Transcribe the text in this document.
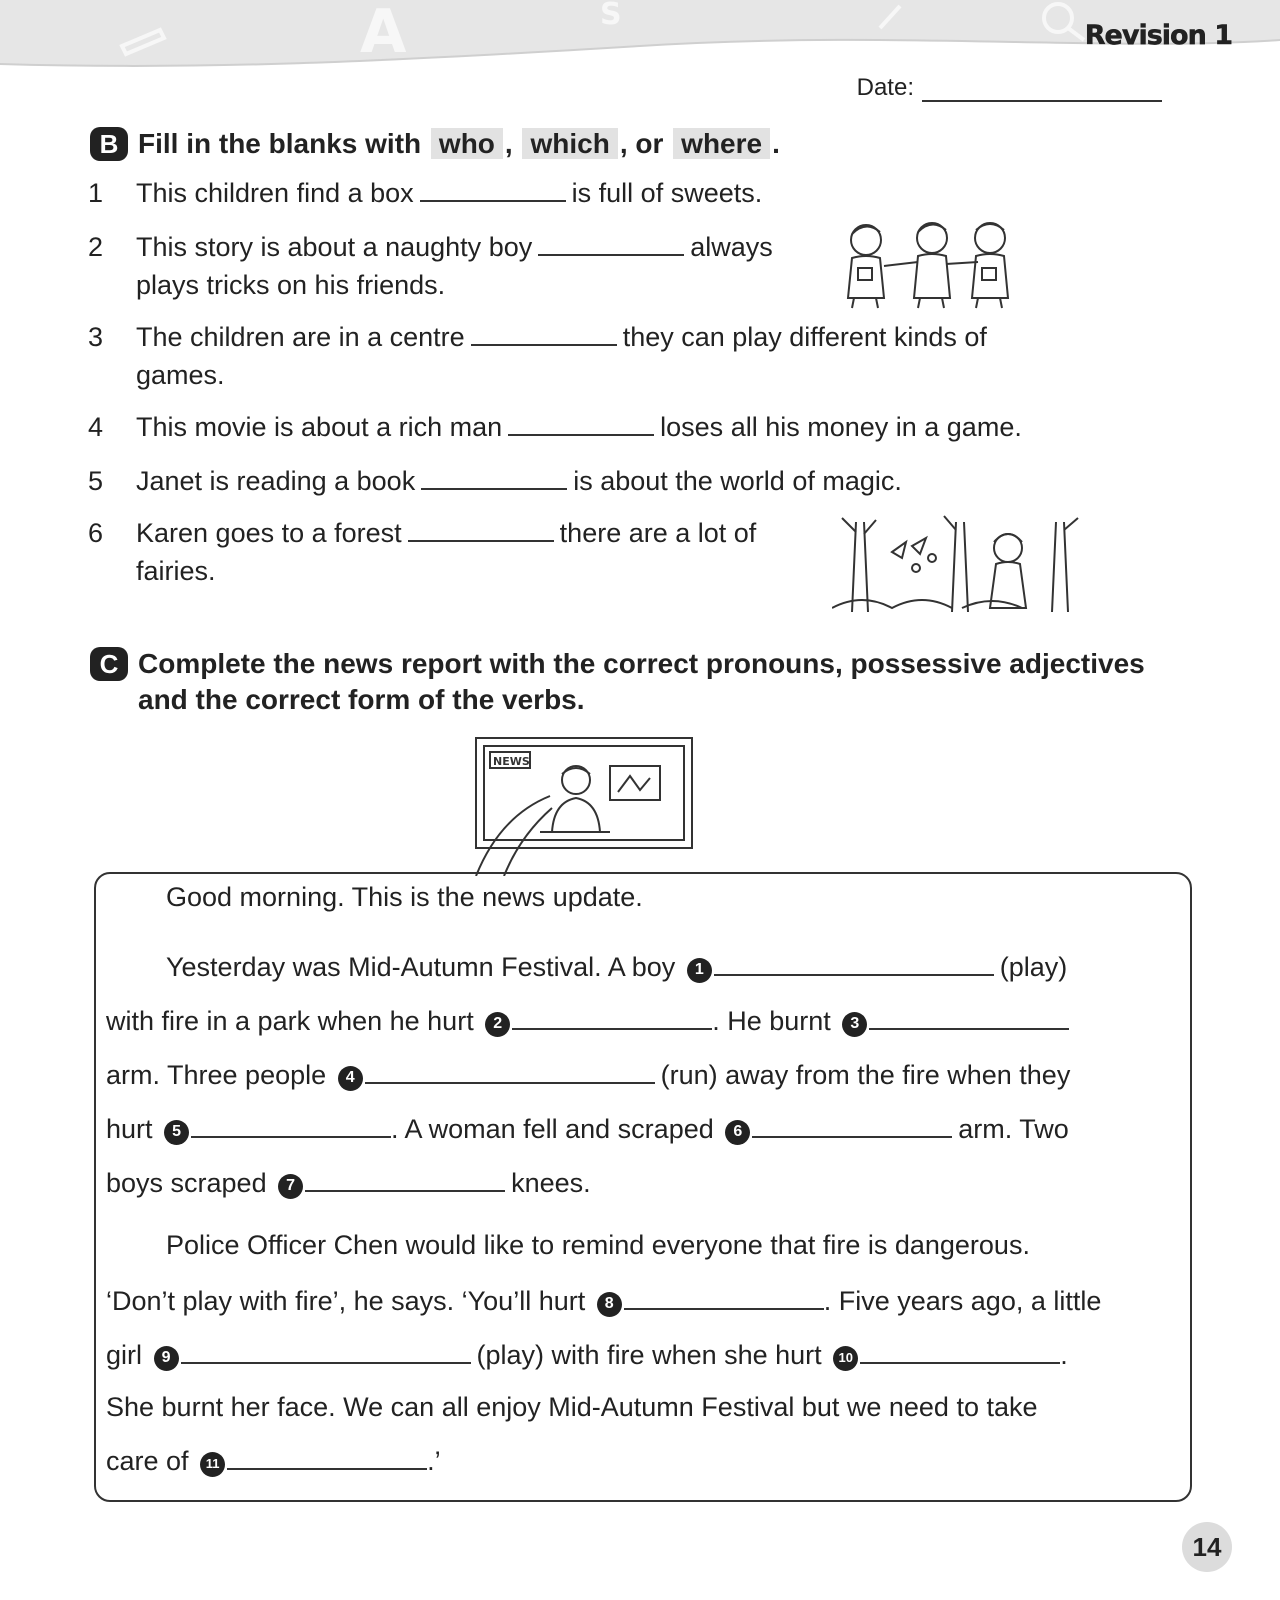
A	S
Revision 1
Date:
B Fill in the blanks with who , which , or where .
1 This children find a box	is full of sweets.
2 This story is about a naughty boy	always
plays tricks on his friends.
3 The children are in a centre	they can play different kinds of
games.
4 This movie is about a rich man	loses all his money in a game.
5 Janet is reading a book	is about the world of magic.
6 Karen goes to a forest	there are a lot of
fairies.
C Complete the news report with the correct pronouns, possessive adjectives
and the correct form of the verbs.
NEWS
Good morning. This is the news update.
Yesterday was Mid-Autumn Festival. A boy 1	(play)
with fire in a park when he hurt 2	. He burnt 3
arm. Three people 4	(run) away from the fire when they
hurt 5	. A woman fell and scraped 6	arm. Two
boys scraped 7	knees.
Police Officer Chen would like to remind everyone that fire is dangerous.
‘Don’t play with fire’, he says. ‘You’ll hurt 8	. Five years ago, a little
girl 9	(play) with fire when she hurt 10	.
She burnt her face. We can all enjoy Mid-Autumn Festival but we need to take
care of 11	.’
14
